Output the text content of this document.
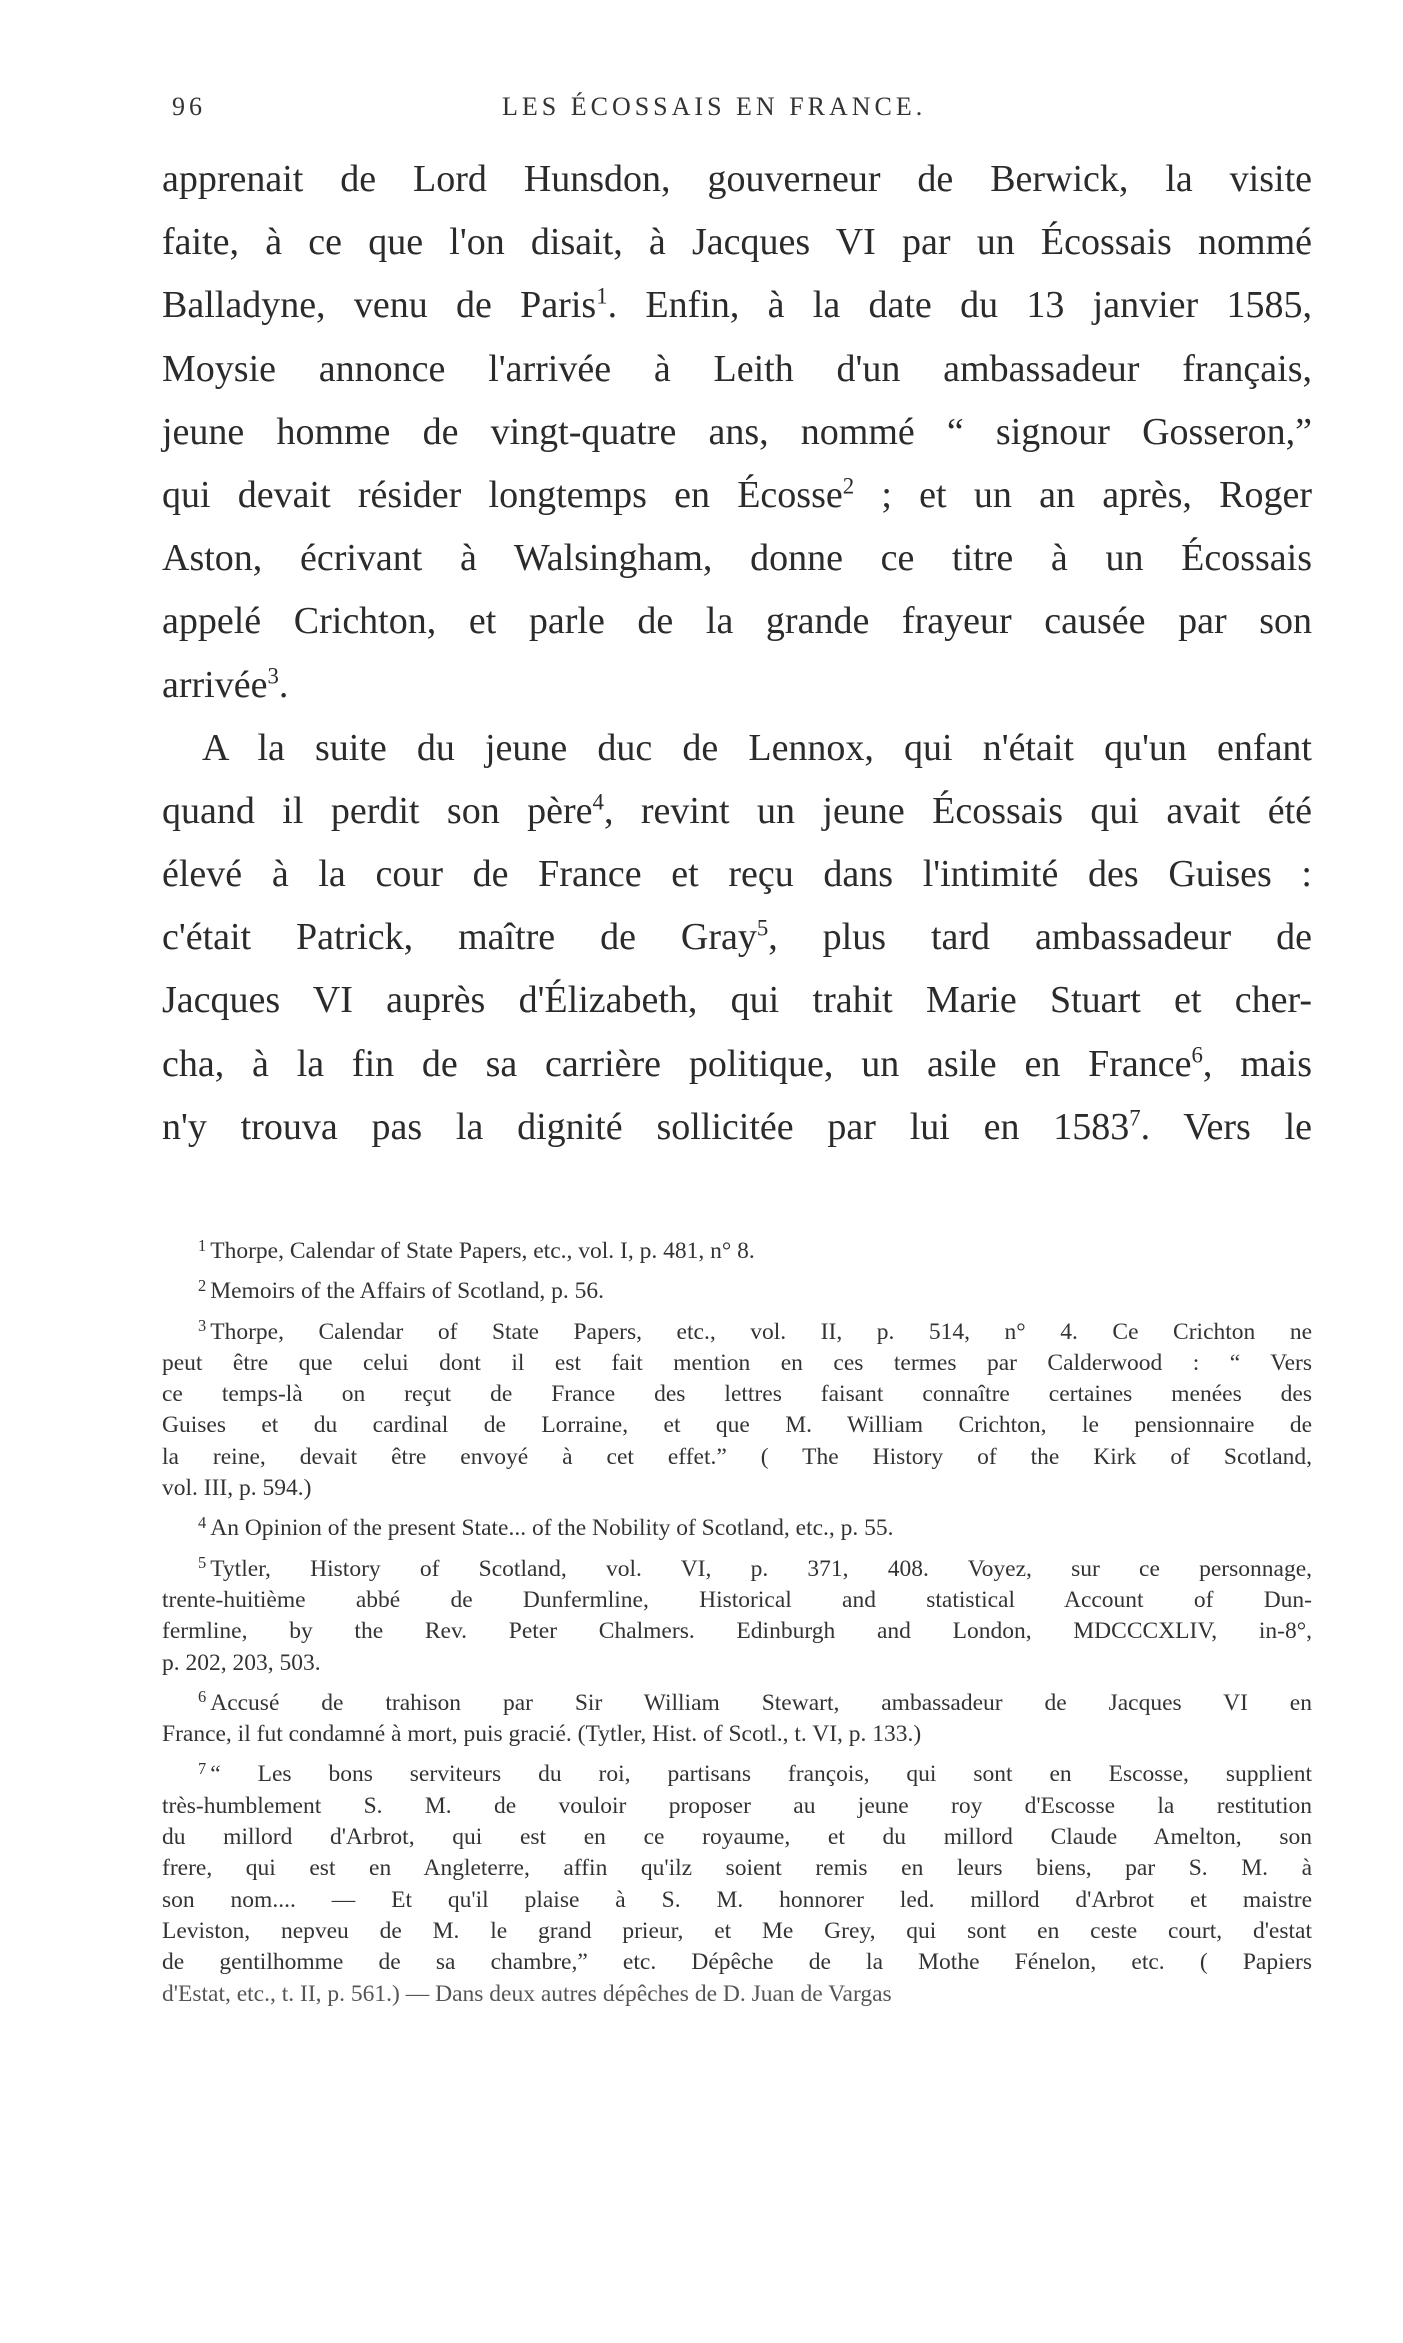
96	LES ÉCOSSAIS EN FRANCE.
apprenait de Lord Hunsdon, gouverneur de Berwick, la visite
faite, à ce que l'on disait, à Jacques VI par un Écossais nommé
Balladyne, venu de Paris$^1$. Enfin, à la date du 13 janvier 1585,
Moysie annonce l'arrivée à Leith d'un ambassadeur français,
jeune homme de vingt-quatre ans, nommé “ signour Gosseron,”
qui devait résider longtemps en Écosse$^2$ ; et un an après, Roger
Aston, écrivant à Walsingham, donne ce titre à un Écossais
appelé Crichton, et parle de la grande frayeur causée par son
arrivée$^3$.
A la suite du jeune duc de Lennox, qui n'était qu'un enfant
quand il perdit son père$^4$, revint un jeune Écossais qui avait été
élevé à la cour de France et reçu dans l'intimité des Guises :
c'était Patrick, maître de Gray$^5$, plus tard ambassadeur de
Jacques VI auprès d'Élizabeth, qui trahit Marie Stuart et cher-
cha, à la fin de sa carrière politique, un asile en France$^6$, mais
n'y trouva pas la dignité sollicitée par lui en 1583$^7$. Vers le
$^1$ Thorpe, Calendar of State Papers, etc., vol. I, p. 481, n° 8.
$^2$ Memoirs of the Affairs of Scotland, p. 56.
$^3$ Thorpe, Calendar of State Papers, etc., vol. II, p. 514, n° 4. Ce Crichton ne
peut être que celui dont il est fait mention en ces termes par Calderwood : “ Vers
ce temps-là on reçut de France des lettres faisant connaître certaines menées des
Guises et du cardinal de Lorraine, et que M. William Crichton, le pensionnaire de
la reine, devait être envoyé à cet effet.” ( The History of the Kirk of Scotland,
vol. III, p. 594.)
$^4$ An Opinion of the present State... of the Nobility of Scotland, etc., p. 55.
$^5$ Tytler, History of Scotland, vol. VI, p. 371, 408. Voyez, sur ce personnage,
trente-huitième abbé de Dunfermline, Historical and statistical Account of Dun-
fermline, by the Rev. Peter Chalmers. Edinburgh and London, MDCCCXLIV, in-8°,
p. 202, 203, 503.
$^6$ Accusé de trahison par Sir William Stewart, ambassadeur de Jacques VI en
France, il fut condamné à mort, puis gracié. (Tytler, Hist. of Scotl., t. VI, p. 133.)
$^7$ “ Les bons serviteurs du roi, partisans françois, qui sont en Escosse, supplient
très-humblement S. M. de vouloir proposer au jeune roy d'Escosse la restitution
du millord d'Arbrot, qui est en ce royaume, et du millord Claude Amelton, son
frere, qui est en Angleterre, affin qu'ilz soient remis en leurs biens, par S. M. à
son nom.... — Et qu'il plaise à S. M. honnorer led. millord d'Arbrot et maistre
Leviston, nepveu de M. le grand prieur, et Me Grey, qui sont en ceste court, d'estat
de gentilhomme de sa chambre,” etc. Dépêche de la Mothe Fénelon, etc. ( Papiers
d'Estat, etc., t. II, p. 561.) — Dans deux autres dépêches de D. Juan de Vargas
